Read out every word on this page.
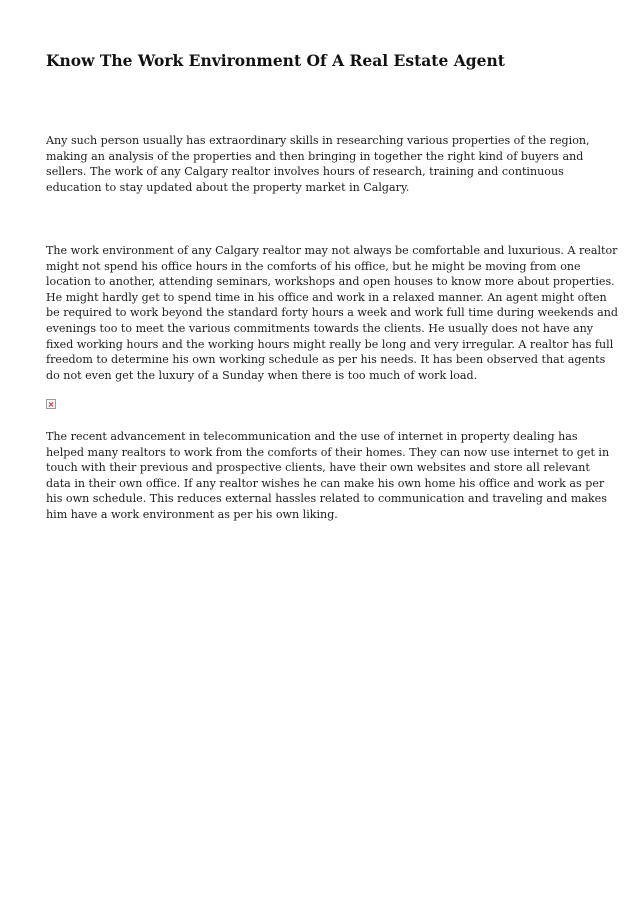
Know The Work Environment Of A Real Estate Agent

Any such person usually has extraordinary skills in researching various properties of the region,
making an analysis of the properties and then bringing in together the right kind of buyers and
sellers. The work of any Calgary realtor involves hours of research, training and continuous
education to stay updated about the property market in Calgary.

The work environment of any Calgary realtor may not always be comfortable and luxurious. A realtor
might not spend his office hours in the comforts of his office, but he might be moving from one
location to another, attending seminars, workshops and open houses to know more about properties.
He might hardly get to spend time in his office and work in a relaxed manner. An agent might often
be required to work beyond the standard forty hours a week and work full time during weekends and
evenings too to meet the various commitments towards the clients. He usually does not have any
fixed working hours and the working hours might really be long and very irregular. A realtor has full
freedom to determine his own working schedule as per his needs. It has been observed that agents
do not even get the luxury of a Sunday when there is too much of work load.

The recent advancement in telecommunication and the use of internet in property dealing has
helped many realtors to work from the comforts of their homes. They can now use internet to get in
touch with their previous and prospective clients, have their own websites and store all relevant
data in their own office. If any realtor wishes he can make his own home his office and work as per
his own schedule. This reduces external hassles related to communication and traveling and makes
him have a work environment as per his own liking.
